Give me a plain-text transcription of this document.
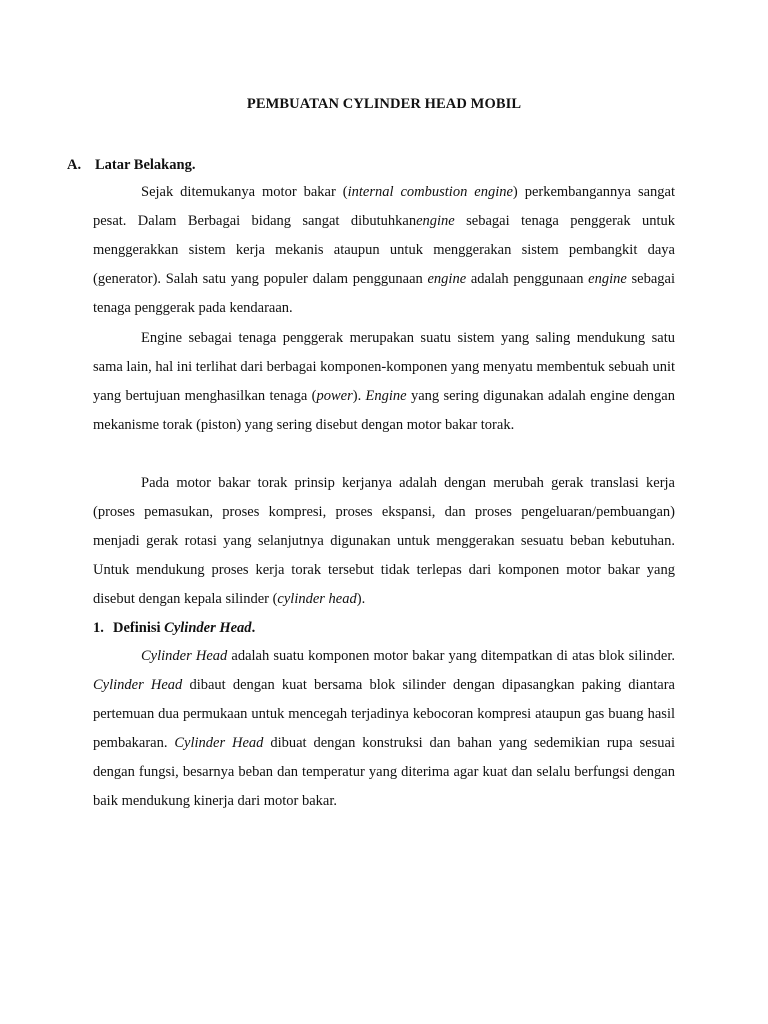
PEMBUATAN CYLINDER HEAD MOBIL
A. Latar Belakang.

Sejak ditemukanya motor bakar (internal combustion engine) perkembangannya sangat pesat. Dalam Berbagai bidang sangat dibutuhkanengine sebagai tenaga penggerak untuk menggerakkan sistem kerja mekanis ataupun untuk menggerakan sistem pembangkit daya (generator). Salah satu yang populer dalam penggunaan engine adalah penggunaan engine sebagai tenaga penggerak pada kendaraan.

Engine sebagai tenaga penggerak merupakan suatu sistem yang saling mendukung satu sama lain, hal ini terlihat dari berbagai komponen-komponen yang menyatu membentuk sebuah unit yang bertujuan menghasilkan tenaga (power). Engine yang sering digunakan adalah engine dengan mekanisme torak (piston) yang sering disebut dengan motor bakar torak.

Pada motor bakar torak prinsip kerjanya adalah dengan merubah gerak translasi kerja (proses pemasukan, proses kompresi, proses ekspansi, dan proses pengeluaran/pembuangan) menjadi gerak rotasi yang selanjutnya digunakan untuk menggerakan sesuatu beban kebutuhan. Untuk mendukung proses kerja torak tersebut tidak terlepas dari komponen motor bakar yang disebut dengan kepala silinder (cylinder head).

1. Definisi Cylinder Head.

Cylinder Head adalah suatu komponen motor bakar yang ditempatkan di atas blok silinder. Cylinder Head dibaut dengan kuat bersama blok silinder dengan dipasangkan paking diantara pertemuan dua permukaan untuk mencegah terjadinya kebocoran kompresi ataupun gas buang hasil pembakaran. Cylinder Head dibuat dengan konstruksi dan bahan yang sedemikian rupa sesuai dengan fungsi, besarnya beban dan temperatur yang diterima agar kuat dan selalu berfungsi dengan baik mendukung kinerja dari motor bakar.
